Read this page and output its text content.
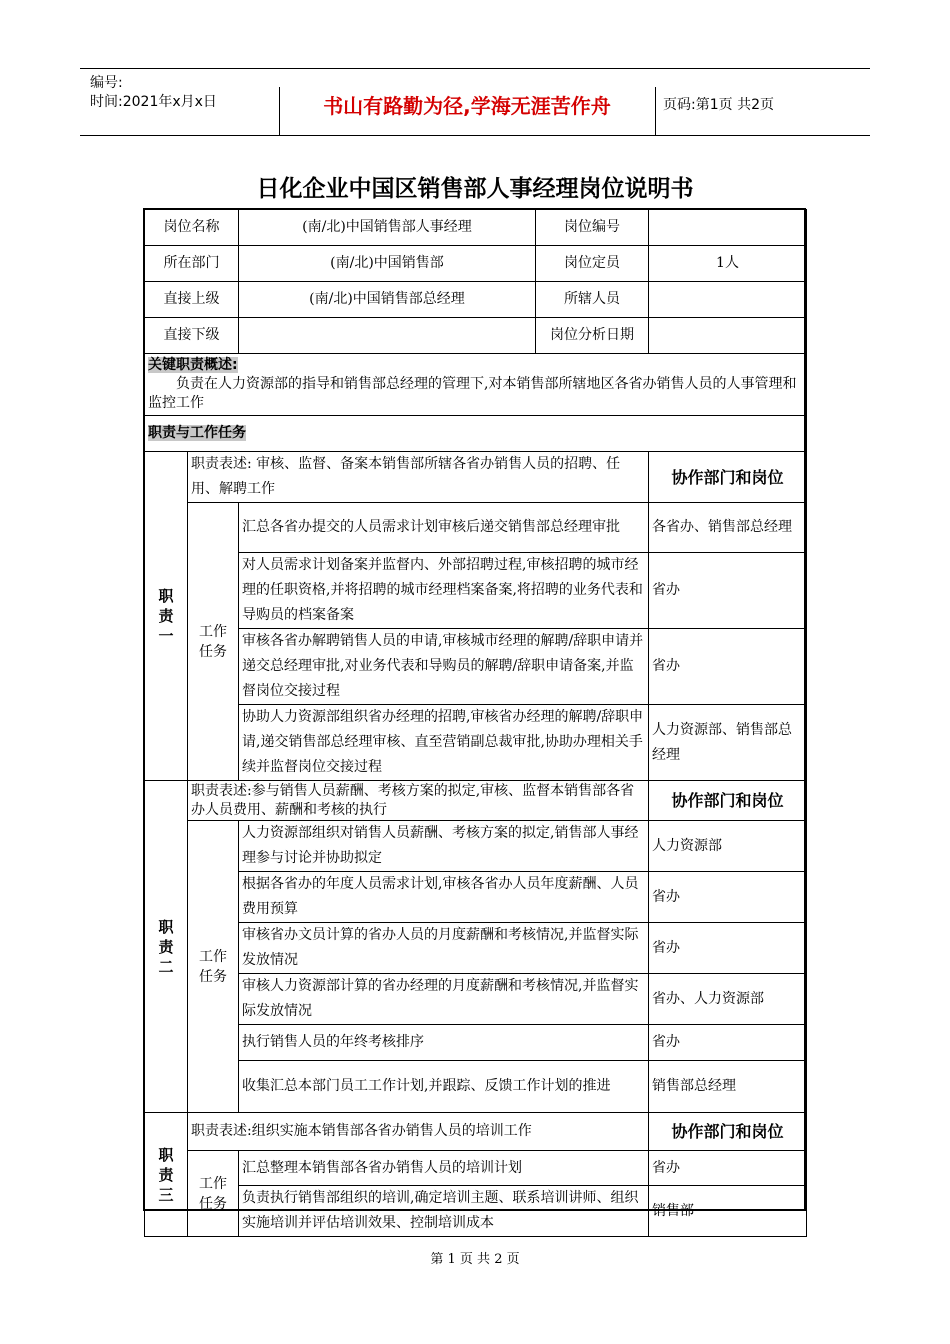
编号:
时间:2021年x月x日	书山有路勤为径,学海无涯苦作舟	页码:第1页 共2页
日化企业中国区销售部人事经理岗位说明书
岗位名称		(南/北)中国销售部人事经理	岗位编号	
所在部门		(南/北)中国销售部	岗位定员	1人
直接上级		(南/北)中国销售部总经理	所辖人员	
直接下级			岗位分析日期	
关键职责概述:

负责在人力资源部的指导和销售部总经理的管理下,对本销售部所辖地区各省办销售人员的人事管理和监控工作				

职责与工作任务				
职责一	职责表述: 审核、监督、备案本销售部所辖各省办销售人员的招聘、任用、解聘工作			协作部门和岗位
	工作任务	汇总各省办提交的人员需求计划审核后递交销售部总经理审批		各省办、销售部总经理
		对人员需求计划备案并监督内、外部招聘过程,审核招聘的城市经理的任职资格,并将招聘的城市经理档案备案,将招聘的业务代表和导购员的档案备案		省办
		审核各省办解聘销售人员的申请,审核城市经理的解聘/辞职申请并递交总经理审批,对业务代表和导购员的解聘/辞职申请备案,并监督岗位交接过程		省办
		协助人力资源部组织省办经理的招聘,审核省办经理的解聘/辞职申请,递交销售部总经理审核、直至营销副总裁审批,协助办理相关手续并监督岗位交接过程		人力资源部、销售部总经理
职责二	职责表述:参与销售人员薪酬、考核方案的拟定,审核、监督本销售部各省办人员费用、薪酬和考核的执行			协作部门和岗位
	工作任务	人力资源部组织对销售人员薪酬、考核方案的拟定,销售部人事经理参与讨论并协助拟定		人力资源部
		根据各省办的年度人员需求计划,审核各省办人员年度薪酬、人员费用预算		省办
		审核省办文员计算的省办人员的月度薪酬和考核情况,并监督实际发放情况		省办
		审核人力资源部计算的省办经理的月度薪酬和考核情况,并监督实际发放情况		省办、人力资源部
		执行销售人员的年终考核排序		省办
		收集汇总本部门员工工作计划,并跟踪、反馈工作计划的推进		销售部总经理
职责三	职责表述:组织实施本销售部各省办销售人员的培训工作			协作部门和岗位
	工作任务	汇总整理本销售部各省办销售人员的培训计划		省办
		负责执行销售部组织的培训,确定培训主题、联系培训讲师、组织实施培训并评估培训效果、控制培训成本		销售部
第 1 页 共 2 页
